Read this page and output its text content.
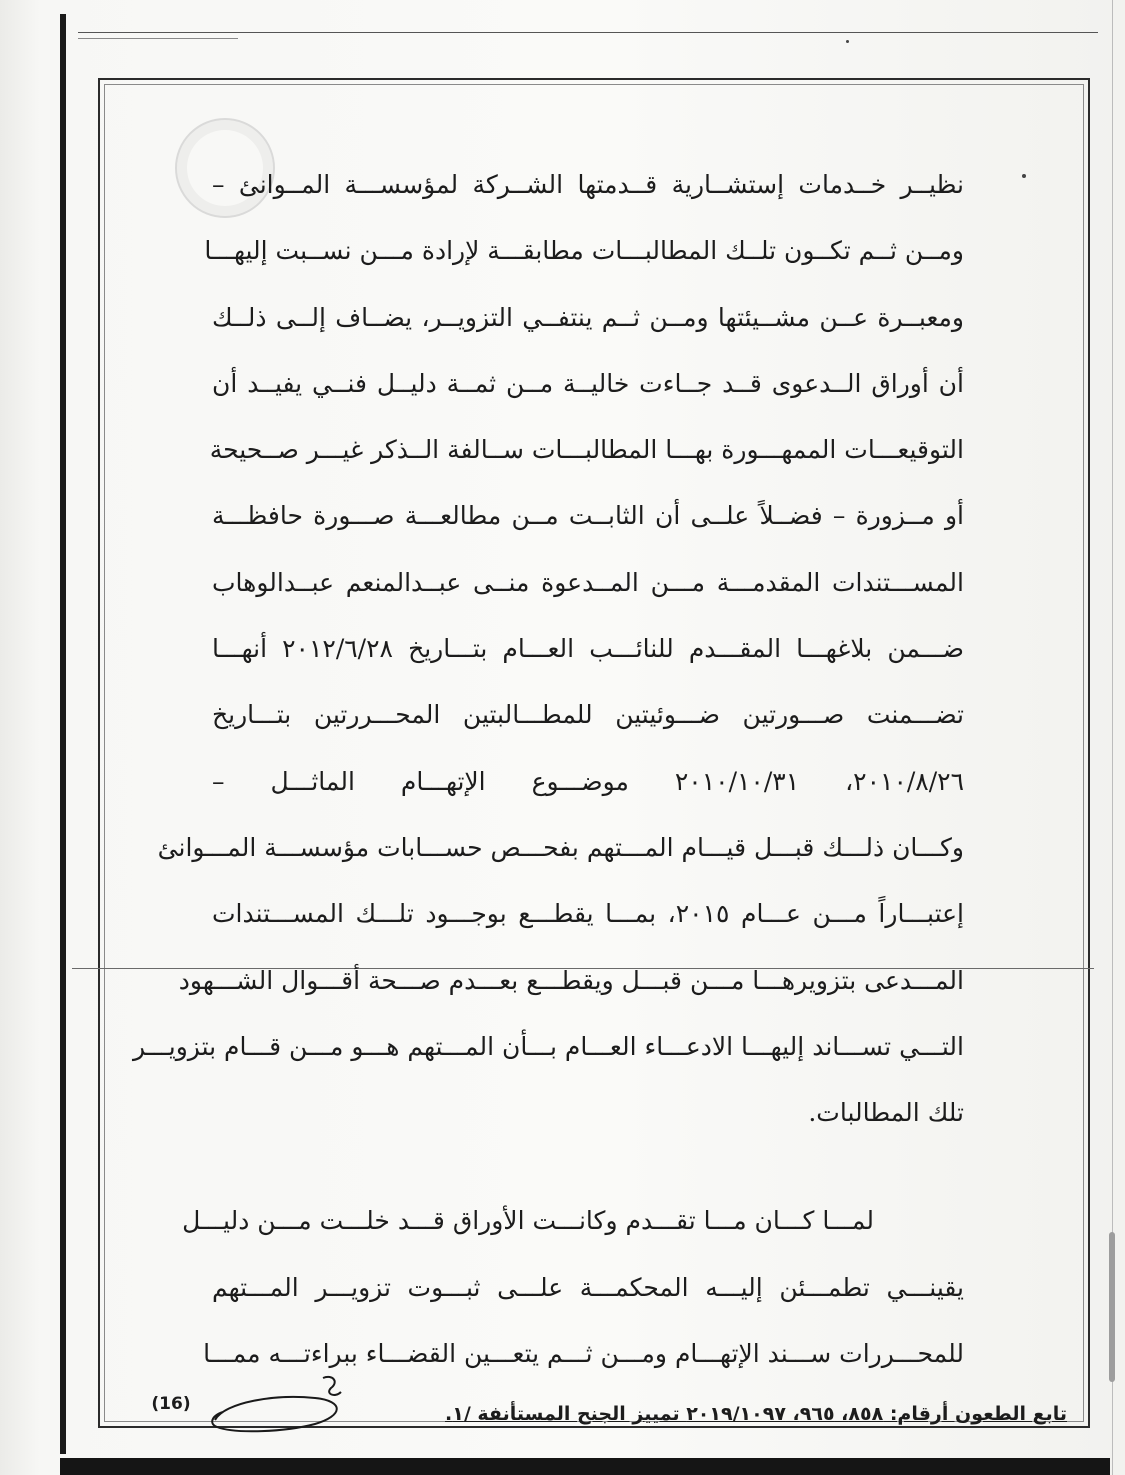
نظيــر خــدمات إستشــارية قــدمتها الشــركة لمؤسســـة المــوانئ –
ومــن ثــم تكــون تلــك المطالبـــات مطابقـــة لإرادة مـــن نســبت إليهـــا
ومعبــرة عــن مشــيئتها ومــن ثــم ينتفــي التزويــر، يضــاف إلــى ذلــك
أن أوراق الــدعوى قــد جــاءت خاليــة مــن ثمــة دليــل فنــي يفيــد أن
التوقيعـــات الممهـــورة بهـــا المطالبـــات ســالفة الــذكر غيـــر صــحيحة
أو مــزورة – فضــلاً علــى أن الثابــت مــن مطالعـــة صـــورة حافظـــة
المســـتندات المقدمـــة مـــن المــدعوة منــى عبــدالمنعم عبــدالوهاب
ضـــمن بلاغهـــا المقـــدم للنائـــب العـــام بتـــاريخ ٢٠١٢/٦/٢٨ أنهـــا
تضـــمنت صـــورتين ضـــوئيتين للمطـــالبتين المحـــررتين بتـــاريخ
٢٠١٠/٨/٢٦، ٢٠١٠/١٠/٣١ موضـــوع الإتهـــام الماثـــل –
وكـــان ذلـــك قبـــل قيـــام المـــتهم بفحـــص حســـابات مؤسســـة المـــوانئ
إعتبـــاراً مـــن عـــام ٢٠١٥، بمـــا يقطـــع بوجـــود تلـــك المســـتندات
المـــدعى بتزويرهـــا مـــن قبـــل ويقطـــع بعـــدم صـــحة أقـــوال الشـــهود
التـــي تســـاند إليهـــا الادعـــاء العـــام بـــأن المـــتهم هـــو مـــن قـــام بتزويـــر
تلك المطالبات.
لمـــا كـــان مـــا تقـــدم وكانـــت الأوراق قـــد خلـــت مـــن دليـــل
يقينـــي تطمـــئن إليـــه المحكمـــة علـــى ثبـــوت تزويـــر المـــتهم
للمحـــررات ســـند الإتهـــام ومـــن ثـــم يتعـــين القضـــاء ببراءتـــه ممـــا
(16)	تابع الطعون أرقام: ٨٥٨، ٩٦٥، ٢٠١٩/١٠٩٧ تمييز الجنح المستأنفة /١.
